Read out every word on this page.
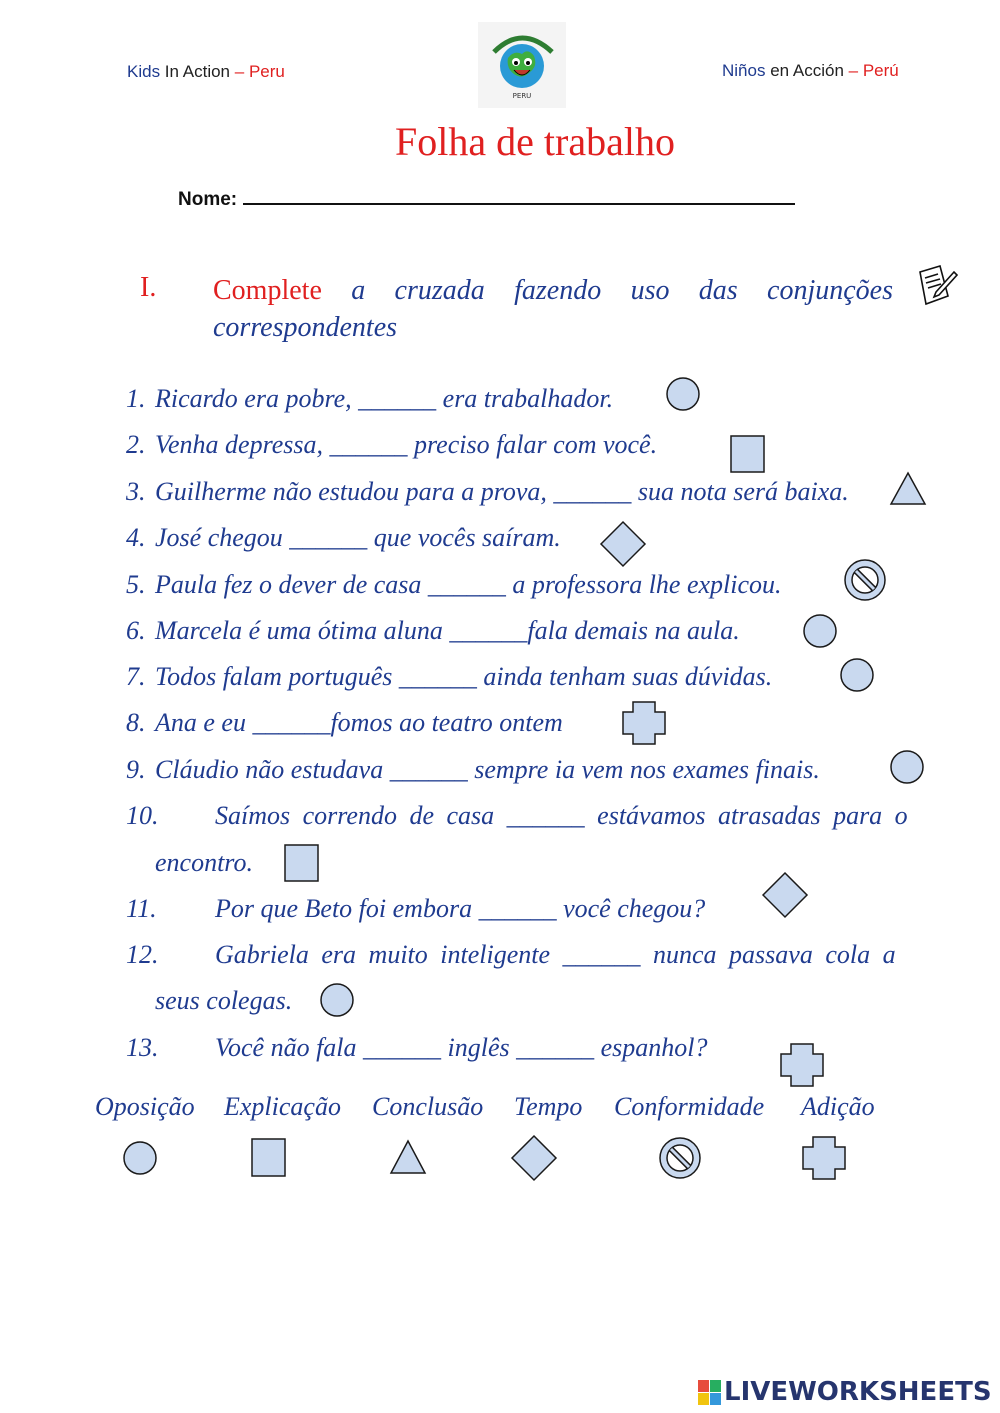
Kids In Action – Peru	Niños en Acción – Perú
PERU
Folha de trabalho
Nome:
I. Complete a cruzada fazendo uso das conjunções correspondentes
1. Ricardo era pobre, ______ era trabalhador.
2. Venha depressa, ______ preciso falar com você.
3. Guilherme não estudou para a prova, ______ sua nota será baixa.
4. José chegou ______ que vocês saíram.
5. Paula fez o dever de casa ______ a professora lhe explicou.
6. Marcela é uma ótima aluna ______fala demais na aula.
7. Todos falam português ______ ainda tenham suas dúvidas.
8. Ana e eu ______fomos ao teatro ontem
9. Cláudio não estudava ______ sempre ia vem nos exames finais.
10. Saímos correndo de casa ______ estávamos atrasadas para o
encontro.
11. Por que Beto foi embora ______ você chegou?
12. Gabriela era muito inteligente ______ nunca passava cola a
seus colegas.
13. Você não fala ______ inglês ______ espanhol?
Oposição Explicação Conclusão Tempo Conformidade Adição
LIVEWORKSHEETS
